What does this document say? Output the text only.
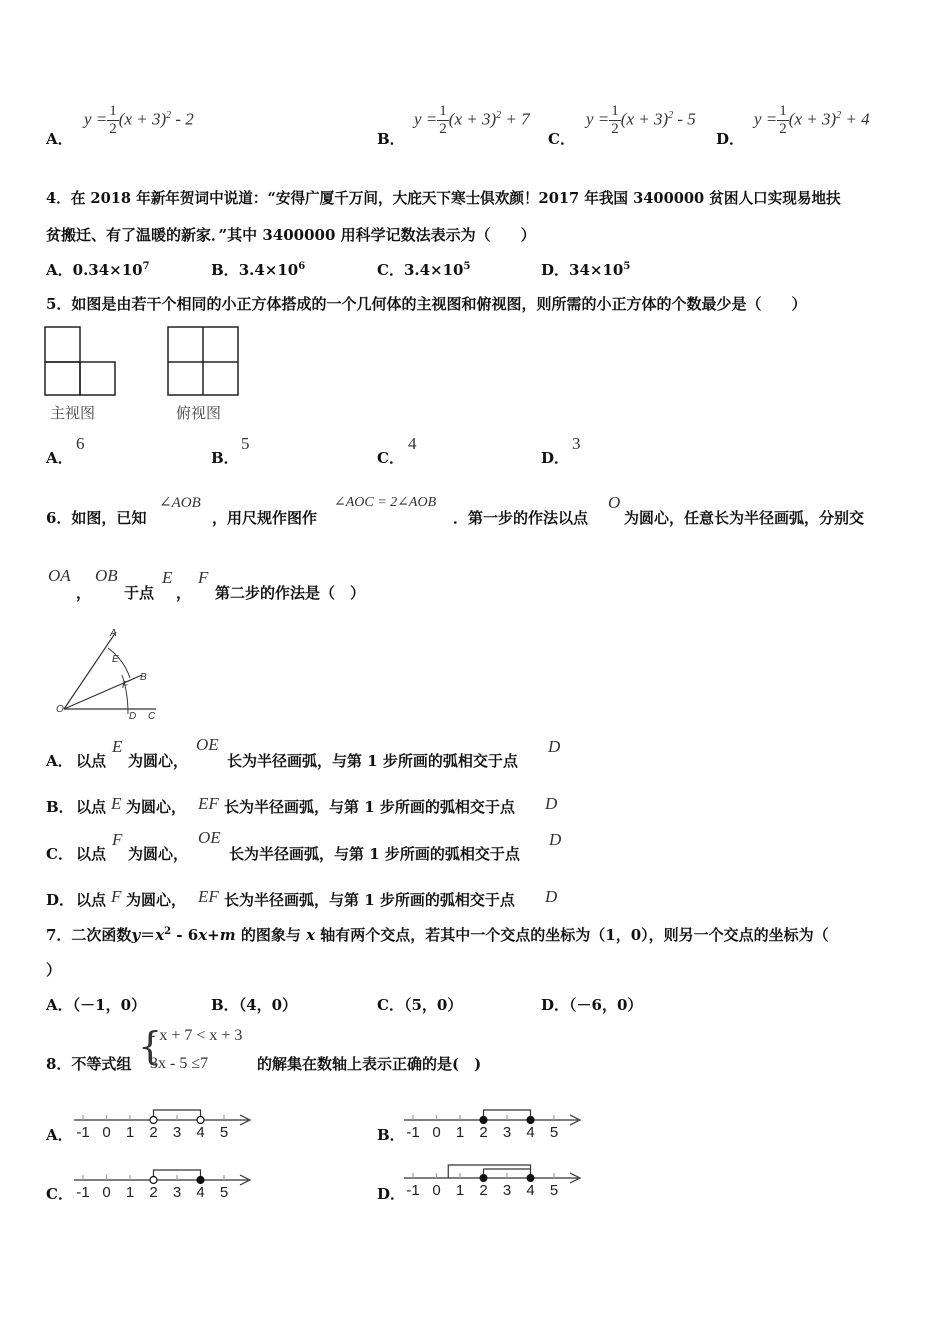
A．
$y = \frac{1}{2} (x + 3)^2 - 2$
B．
$y = \frac{1}{2} (x + 3)^2 + 7$
C．
$y = \frac{1}{2} (x + 3)^2 - 5$
D．
$y = \frac{1}{2} (x + 3)^2 + 4$
4．在 2018 年新年贺词中说道：“安得广厦千万间，大庇天下寒士俱欢颜！2017 年我国 3400000 贫困人口实现易地扶
贫搬迁、有了温暖的新家．”其中 3400000 用科学记数法表示为（　　）
A．$0.34\times 10^7$	B．$3.4\times 10^6$	C．$3.4\times 10^5$	D．$34\times 10^5$
5．如图是由若干个相同的小正方体搭成的一个几何体的主视图和俯视图，则所需的小正方体的个数最少是（　　）
主视图	俯视图
A．
6
B．
5
C．
4
D．
3
6．如图，已知
∠AOB
，用尺规作图作
∠AOC = 2∠AOB
．第一步的作法以点
O
为圆心，任意长为半径画弧，分别交
OA
，
OB
于点
E
，
F
第二步的作法是（　）
A
E
F
B
O
D C
A． 以点
E
为圆心，
OE
长为半径画弧，与第 1 步所画的弧相交于点
D
B． 以点 E 为圆心， EF 长为半径画弧，与第 1 步所画的弧相交于点 D
C． 以点
F
为圆心，
OE
长为半径画弧，与第 1 步所画的弧相交于点
D
D． 以点 F 为圆心， EF 长为半径画弧，与第 1 步所画的弧相交于点 D
7．二次函数$y=x^2 - 6x+m$ 的图象与 x 轴有两个交点，若其中一个交点的坐标为（1，0），则另一个交点的坐标为（
）
A．（－1，0）	B．（4，0）	C．（5，0）	D．（－6，0）
8．不等式组 {
- x + 7 < x + 3
3x - 5 ≤7	的解集在数轴上表示正确的是(　)
A． -1 0 1 2 3 4 5	B． -1 0 1 2 3 4 5
C． -1 0 1 2 3 4 5	D． -1 0 1 2 3 4 5
